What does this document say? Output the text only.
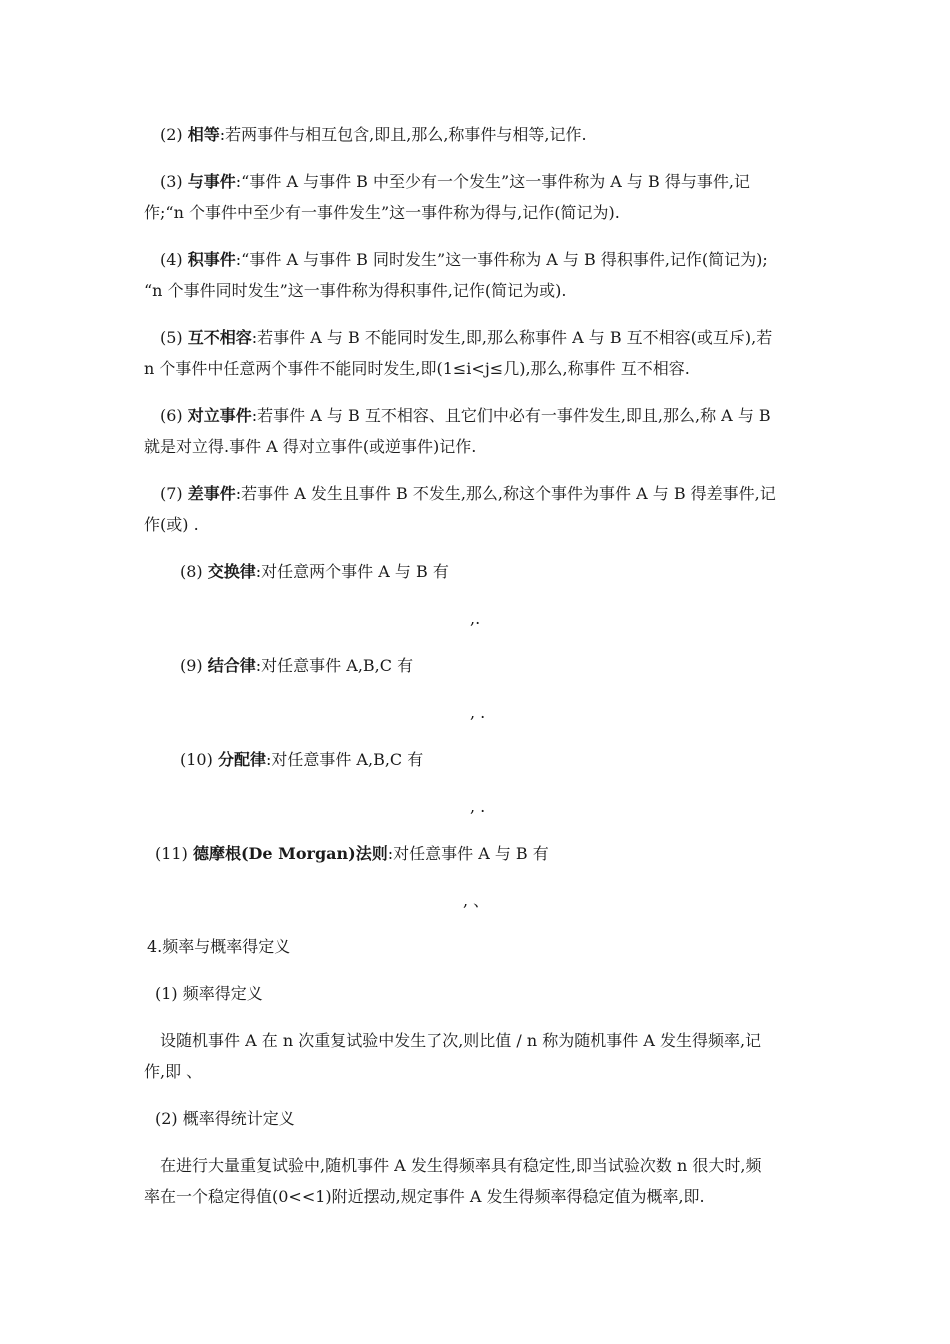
(2) 相等:若两事件与相互包含,即且,那么,称事件与相等,记作.
(3) 与事件:“事件 A 与事件 B 中至少有一个发生”这一事件称为 A 与 B 得与事件,记
作;“n 个事件中至少有一事件发生”这一事件称为得与,记作(简记为).
(4) 积事件:“事件 A 与事件 B 同时发生”这一事件称为 A 与 B 得积事件,记作(简记为);
“n 个事件同时发生”这一事件称为得积事件,记作(简记为或).
(5) 互不相容:若事件 A 与 B 不能同时发生,即,那么称事件 A 与 B 互不相容(或互斥),若
n 个事件中任意两个事件不能同时发生,即(1≤i<j≤几),那么,称事件 互不相容.
(6) 对立事件:若事件 A 与 B 互不相容、且它们中必有一事件发生,即且,那么,称 A 与 B
就是对立得.事件 A 得对立事件(或逆事件)记作.
(7) 差事件:若事件 A 发生且事件 B 不发生,那么,称这个事件为事件 A 与 B 得差事件,记
作(或) .
(8) 交换律:对任意两个事件 A 与 B 有
,.
(9) 结合律:对任意事件 A,B,C 有
, .
(10) 分配律:对任意事件 A,B,C 有
, .
(11) 德摩根(De Morgan)法则:对任意事件 A 与 B 有
, 、
4.频率与概率得定义
(1) 频率得定义
设随机事件 A 在 n 次重复试验中发生了次,则比值 / n 称为随机事件 A 发生得频率,记
作,即 、
(2) 概率得统计定义
在进行大量重复试验中,随机事件 A 发生得频率具有稳定性,即当试验次数 n 很大时,频
率在一个稳定得值(0<<1)附近摆动,规定事件 A 发生得频率得稳定值为概率,即.
